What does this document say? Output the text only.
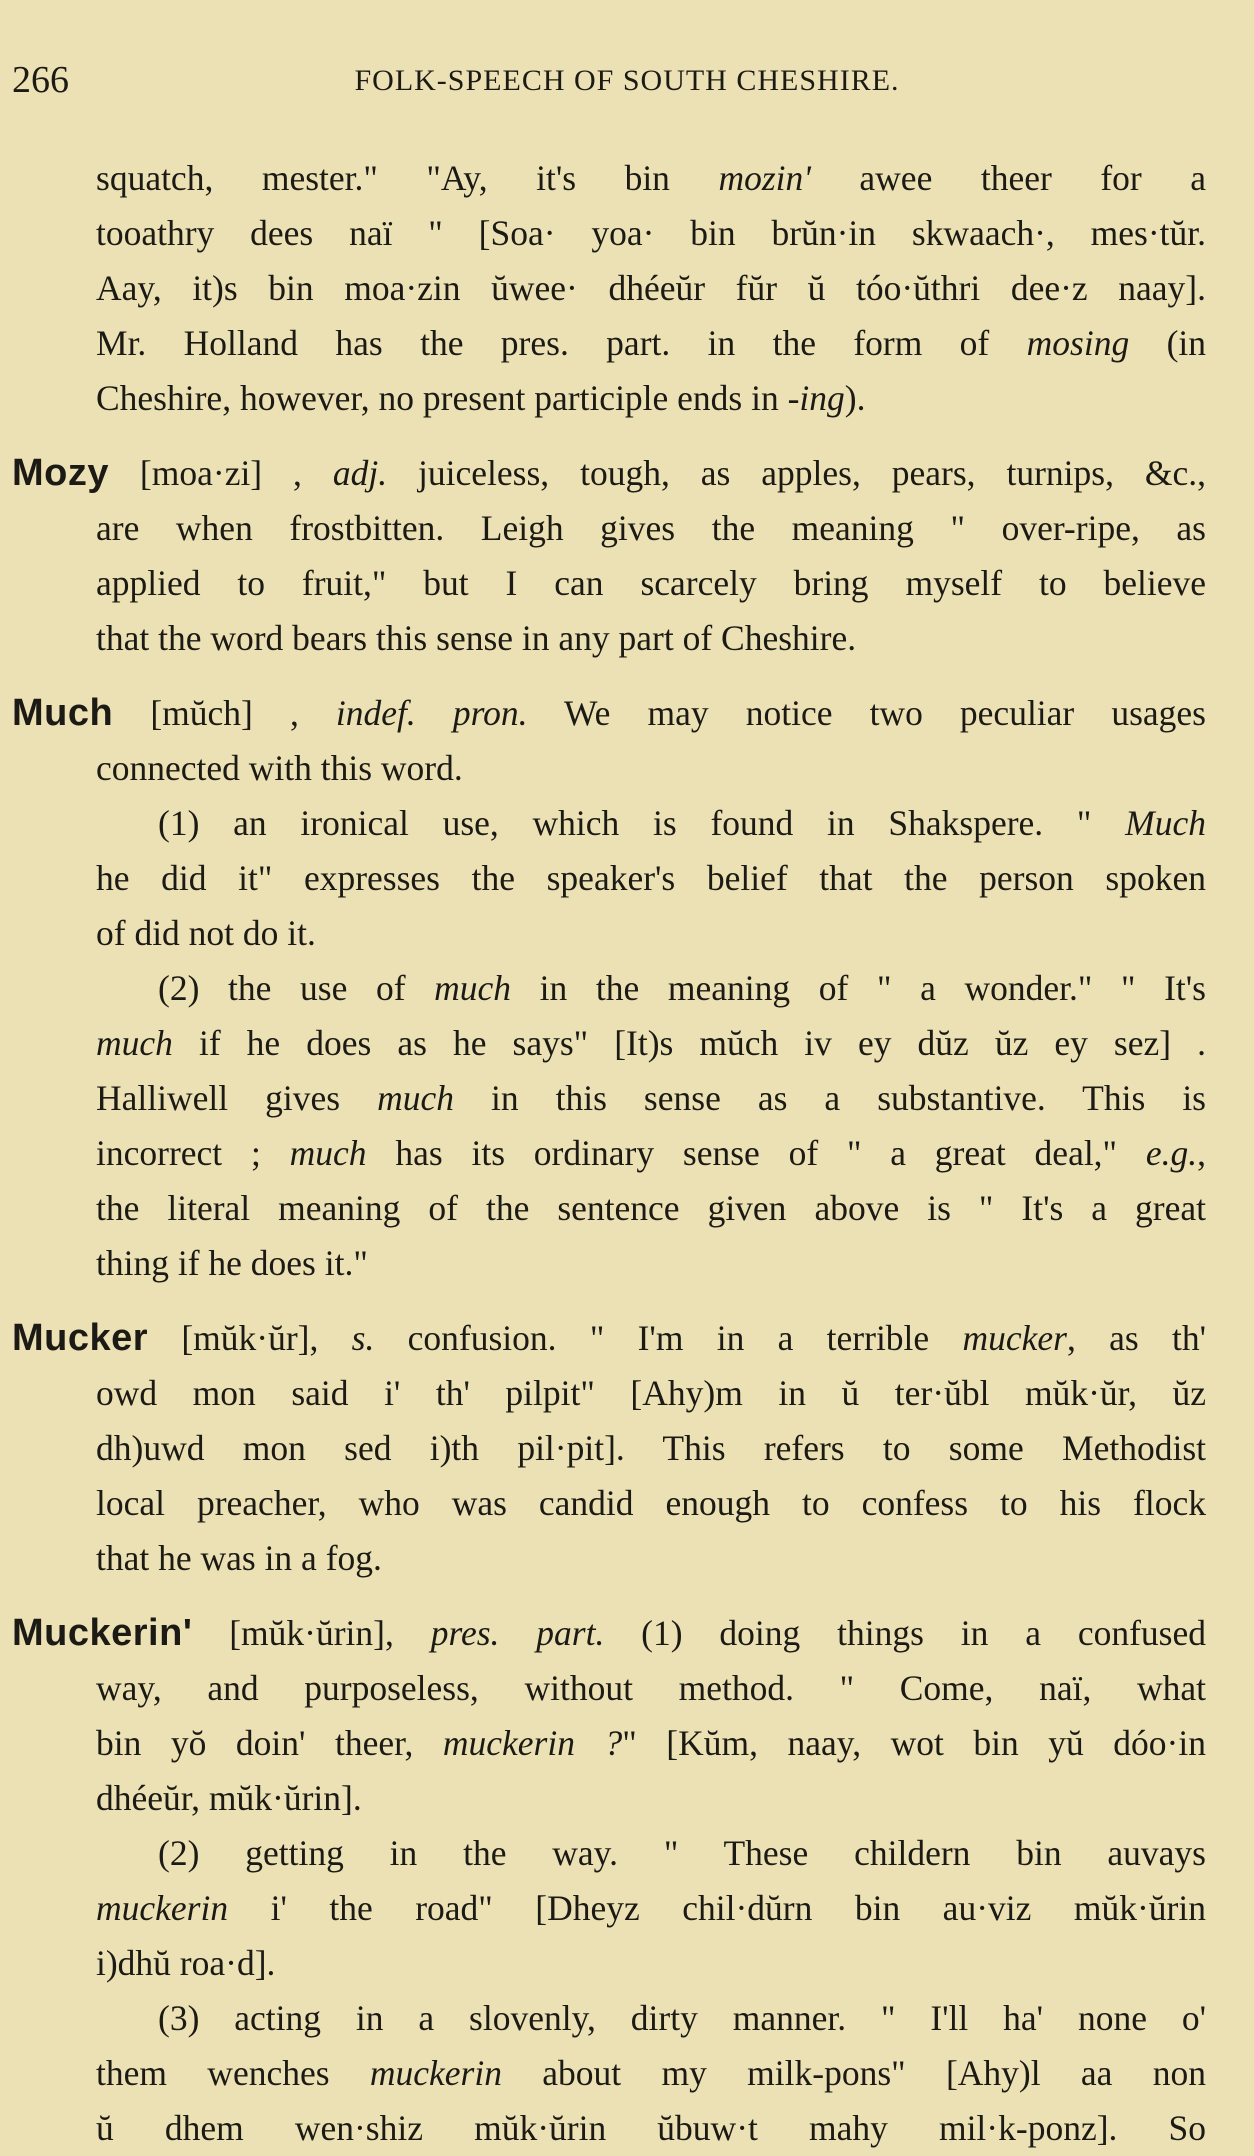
266	FOLK-SPEECH OF SOUTH CHESHIRE.
squatch, mester." "Ay, it's bin mozin' awee theer for a
tooathry dees naï " [Soa· yoa· bin brŭn·in skwaach·, mes·tŭr.
Aay, it)s bin moa·zin ŭwee· dhéeŭr fŭr ŭ tóo·ŭthri dee·z naay].
Mr. Holland has the pres. part. in the form of mosing (in
Cheshire, however, no present participle ends in -ing).
Mozy [moa·zi] , adj. juiceless, tough, as apples, pears, turnips, &c.,
are when frostbitten. Leigh gives the meaning " over-ripe, as
applied to fruit," but I can scarcely bring myself to believe
that the word bears this sense in any part of Cheshire.
Much [mŭch] , indef. pron. We may notice two peculiar usages
connected with this word.
(1) an ironical use, which is found in Shakspere. " Much
he did it" expresses the speaker's belief that the person spoken
of did not do it.
(2) the use of much in the meaning of " a wonder." " It's
much if he does as he says" [It)s mŭch iv ey dŭz ŭz ey sez] .
Halliwell gives much in this sense as a substantive. This is
incorrect ; much has its ordinary sense of " a great deal," e.g.,
the literal meaning of the sentence given above is " It's a great
thing if he does it."
Mucker [mŭk·ŭr], s. confusion. " I'm in a terrible mucker, as th'
owd mon said i' th' pilpit" [Ahy)m in ŭ ter·ŭbl mŭk·ŭr, ŭz
dh)uwd mon sed i)th pil·pit]. This refers to some Methodist
local preacher, who was candid enough to confess to his flock
that he was in a fog.
Muckerin' [mŭk·ŭrin], pres. part. (1) doing things in a confused
way, and purposeless, without method. " Come, naï, what
bin yŏ doin' theer, muckerin ?" [Kŭm, naay, wot bin yŭ dóo·in
dhéeŭr, mŭk·ŭrin].
(2) getting in the way. " These childern bin auvays
muckerin i' the road" [Dheyz chil·dŭrn bin au·viz mŭk·ŭrin
i)dhŭ roa·d].
(3) acting in a slovenly, dirty manner. " I'll ha' none o'
them wenches muckerin about my milk-pons" [Ahy)l aa non
ŭ dhem wen·shiz mŭk·ŭrin ŭbuw·t mahy mil·k-ponz]. So
